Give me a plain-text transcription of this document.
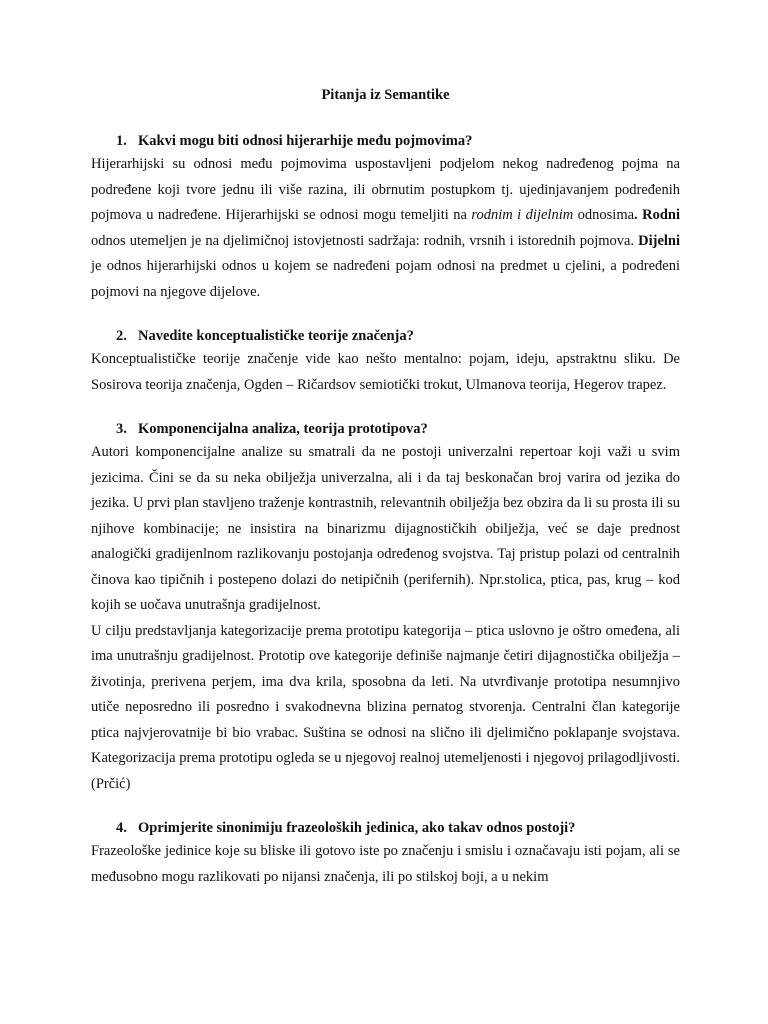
Pitanja iz Semantike

1. Kakvi mogu biti odnosi hijerarhije među pojmovima?

Hijerarhijski su odnosi među pojmovima uspostavljeni podjelom nekog nadređenog pojma na podređene koji tvore jednu ili više razina, ili obrnutim postupkom tj. ujedinjavanjem podređenih pojmova u nadređene. Hijerarhijski se odnosi mogu temeljiti na rodnim i dijelnim odnosima. Rodni odnos utemeljen je na djelimičnoj istovjetnosti sadržaja: rodnih, vrsnih i istorednih pojmova. Dijelni je odnos hijerarhijski odnos u kojem se nadređeni pojam odnosi na predmet u cjelini, a podređeni pojmovi na njegove dijelove.

2. Navedite konceptualističke teorije značenja?

Konceptualističke teorije značenje vide kao nešto mentalno: pojam, ideju, apstraktnu sliku. De Sosirova teorija značenja, Ogden – Ričardsov semiotički trokut, Ulmanova teorija, Hegerov trapez.

3. Komponencijalna analiza, teorija prototipova?

Autori komponencijalne analize su smatrali da ne postoji univerzalni repertoar koji važi u svim jezicima. Čini se da su neka obilježja univerzalna, ali i da taj beskonačan broj varira od jezika do jezika. U prvi plan stavljeno traženje kontrastnih, relevantnih obilježja bez obzira da li su prosta ili su njihove kombinacije; ne insistira na binarizmu dijagnostičkih obilježja, već se daje prednost analogički gradijenlnom razlikovanju postojanja određenog svojstva. Taj pristup polazi od centralnih činova kao tipičnih i postepeno dolazi do netipičnih (perifernih). Npr.stolica, ptica, pas, krug – kod kojih se uočava unutrašnja gradijelnost.

U cilju predstavljanja kategorizacije prema prototipu kategorija – ptica uslovno je oštro omeđena, ali ima unutrašnju gradijelnost. Prototip ove kategorije definiše najmanje četiri dijagnostička obilježja – životinja, prerivena perjem, ima dva krila, sposobna da leti. Na utvrđivanje prototipa nesumnjivo utiče neposredno ili posredno i svakodnevna blizina pernatog stvorenja. Centralni član kategorije ptica najvjerovatnije bi bio vrabac. Suština se odnosi na slično ili djelimično poklapanje svojstava. Kategorizacija prema prototipu ogleda se u njegovoj realnoj utemeljenosti i njegovoj prilagodljivosti. (Prčić)

4. Oprimjerite sinonimiju frazeoloških jedinica, ako takav odnos postoji?

Frazeološke jedinice koje su bliske ili gotovo iste po značenju i smislu i označavaju isti pojam, ali se međusobno mogu razlikovati po nijansi značenja, ili po stilskoj boji, a u nekim
